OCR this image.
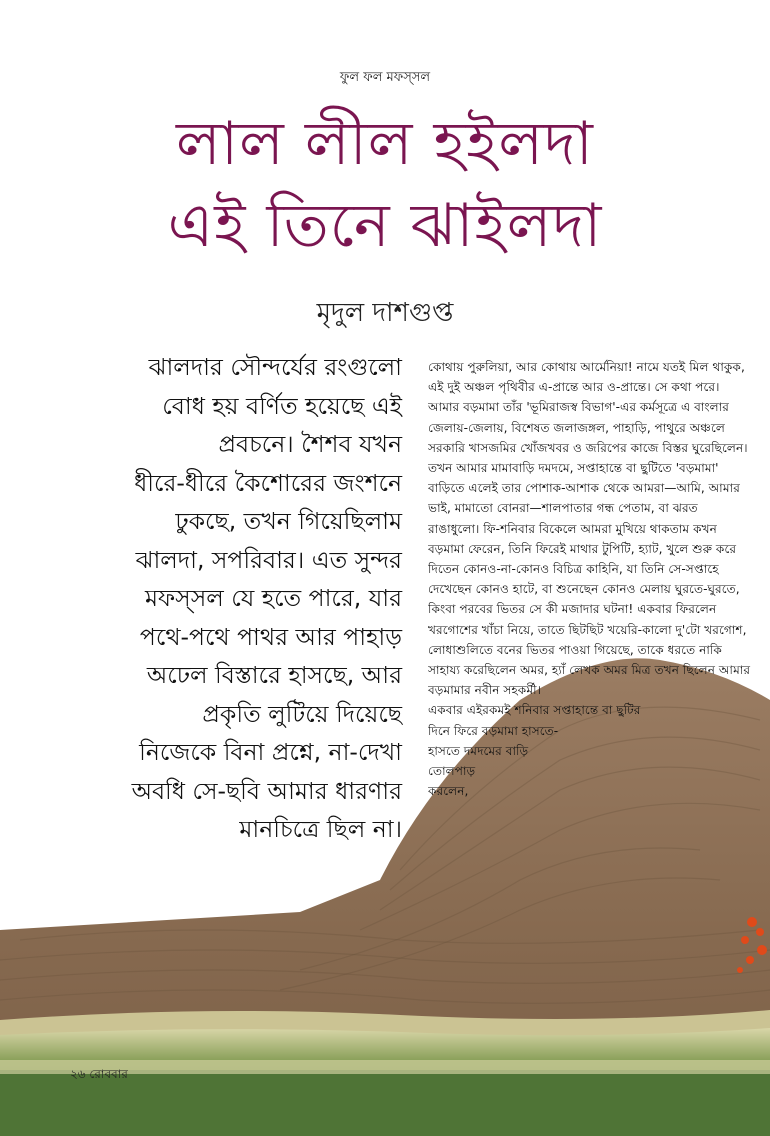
ফুল ফল মফস্‌সল
লাল লীল হইলদা
এই তিনে ঝাইলদা
মৃদুল দাশগুপ্ত
ঝালদার সৌন্দর্যের রংগুলো
বোধ হয় বর্ণিত হয়েছে এই
প্রবচনে। শৈশব যখন
ধীরে-ধীরে কৈশোরের জংশনে
ঢুকছে, তখন গিয়েছিলাম
ঝালদা, সপরিবার। এত সুন্দর
মফস্‌সল যে হতে পারে, যার
পথে-পথে পাথর আর পাহাড়
অঢেল বিস্তারে হাসছে, আর
প্রকৃতি লুটিয়ে দিয়েছে
নিজেকে বিনা প্রশ্নে, না-দেখা
অবধি সে-ছবি আমার ধারণার
মানচিত্রে ছিল না।
কোথায় পুরুলিয়া, আর কোথায় আর্মেনিয়া! নামে যতই মিল থাকুক,
এই দুই অঞ্চল পৃথিবীর এ-প্রান্তে আর ও-প্রান্তে। সে কথা পরে।
আমার বড়মামা তাঁর 'ভূমিরাজস্ব বিভাগ'-এর কর্মসূত্রে এ বাংলার
জেলায়-জেলায়, বিশেষত জলাজঙ্গল, পাহাড়ি, পাথুরে অঞ্চলে
সরকারি খাসজমির খোঁজখবর ও জরিপের কাজে বিস্তর ঘুরেছিলেন।
তখন আমার মামাবাড়ি দমদমে, সপ্তাহান্তে বা ছুটিতে 'বড়মামা'
বাড়িতে এলেই তার পোশাক-আশাক থেকে আমরা—আমি, আমার
ভাই, মামাতো বোনরা—শালপাতার গন্ধ পেতাম, বা ঝরত
রাঙাধুলো। ফি-শনিবার বিকেলে আমরা মুখিয়ে থাকতাম কখন
বড়মামা ফেরেন, তিনি ফিরেই মাথার টুপিটি, হ্যাট, খুলে শুরু করে
দিতেন কোনও-না-কোনও বিচিত্র কাহিনি, যা তিনি সে-সপ্তাহে
দেখেছেন কোনও হাটে, বা শুনেছেন কোনও মেলায় ঘুরতে-ঘুরতে,
কিংবা পরবের ভিতর সে কী মজাদার ঘটনা! একবার ফিরলেন
খরগোশের খাঁচা নিয়ে, তাতে ছিটছিট খয়েরি-কালো দু'টো খরগোশ,
লোধাশুলিতে বনের ভিতর পাওয়া গিয়েছে, তাকে ধরতে নাকি
সাহায্য করেছিলেন অমর, হ্যাঁ লেখক অমর মিত্র তখন ছিলেন আমার
বড়মামার নবীন সহকর্মী।
একবার এইরকমই শনিবার সপ্তাহান্তে বা ছুটির
দিনে ফিরে বড়মামা হাসতে-
হাসতে দমদমের বাড়ি
তোলপাড়
করলেন,
২৬ রোববার
